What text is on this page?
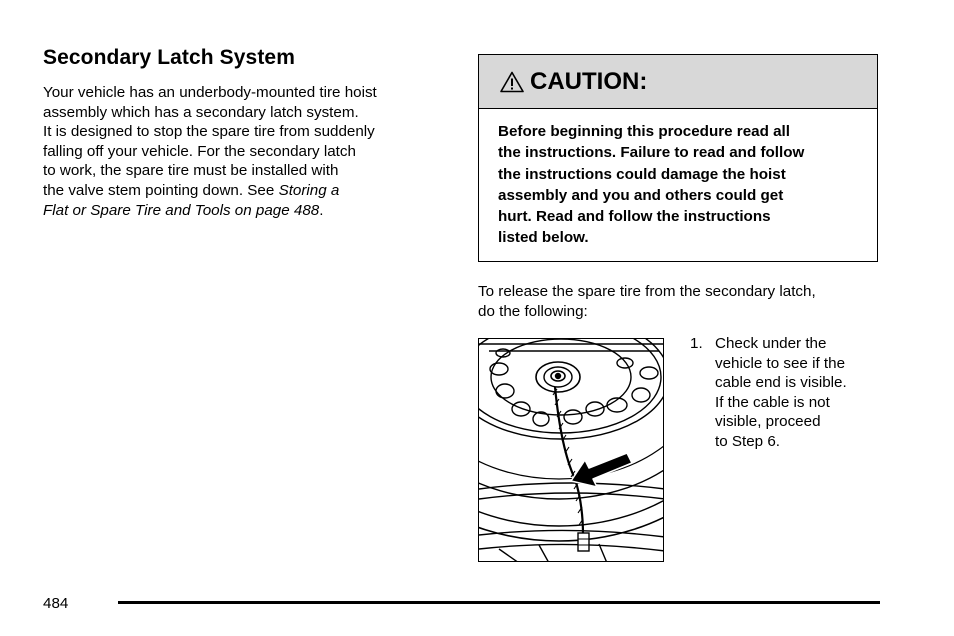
Secondary Latch System
Your vehicle has an underbody-mounted tire hoist
assembly which has a secondary latch system.
It is designed to stop the spare tire from suddenly
falling off your vehicle. For the secondary latch
to work, the spare tire must be installed with
the valve stem pointing down. See Storing a
Flat or Spare Tire and Tools on page 488.
CAUTION:
Before beginning this procedure read all
the instructions. Failure to read and follow
the instructions could damage the hoist
assembly and you and others could get
hurt. Read and follow the instructions
listed below.
To release the spare tire from the secondary latch,
do the following:
1. Check under the
vehicle to see if the
cable end is visible.
If the cable is not
visible, proceed
to Step 6.
484
